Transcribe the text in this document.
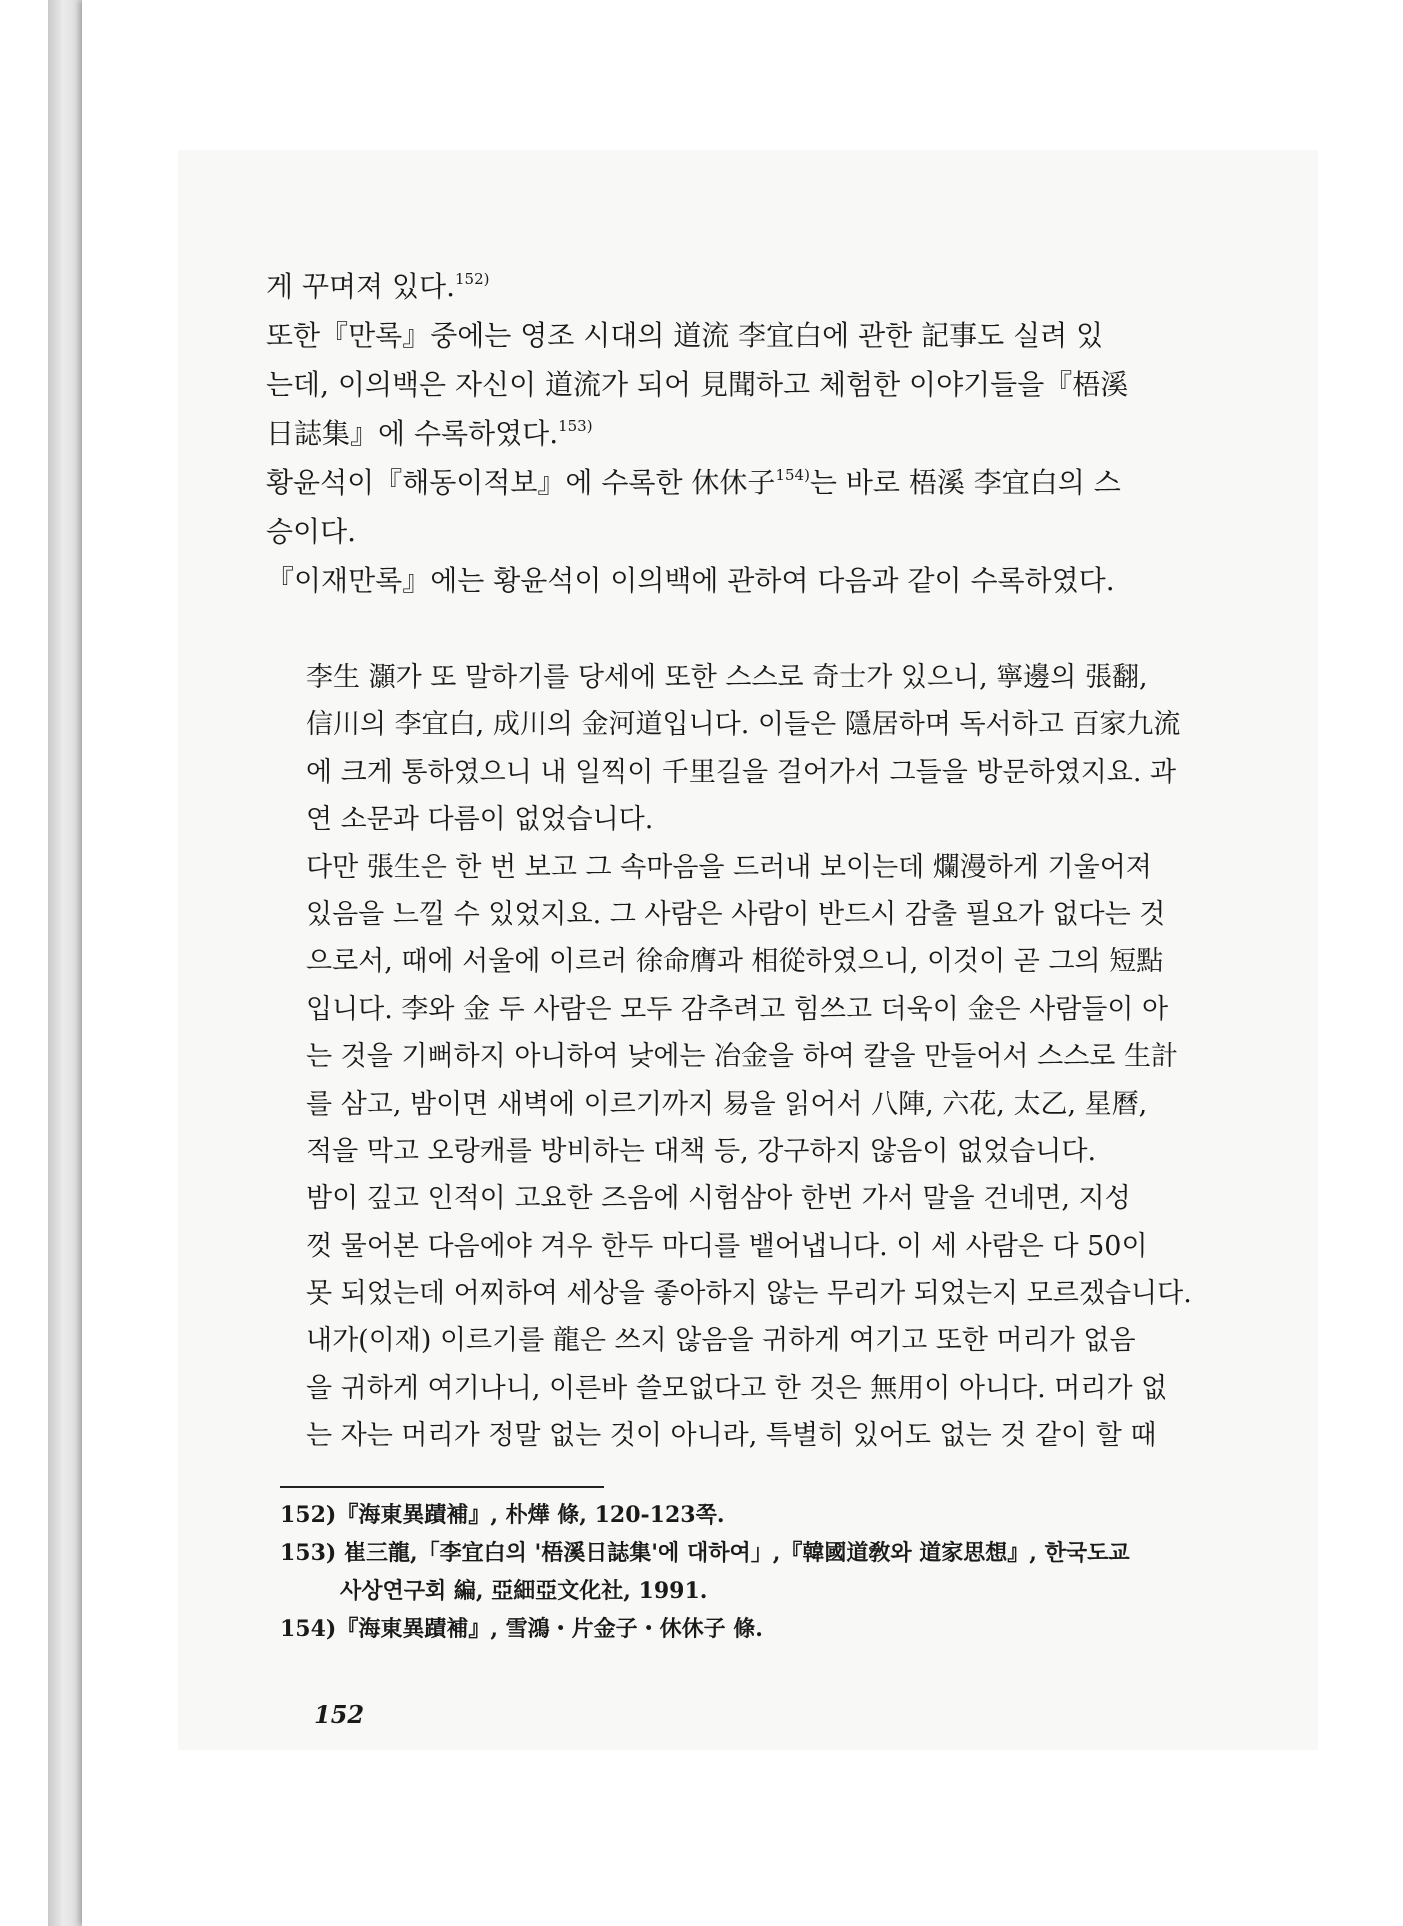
게 꾸며져 있다.$^{152)}$
또한『만록』중에는 영조 시대의 道流 李宜白에 관한 記事도 실려 있
는데, 이의백은 자신이 道流가 되어 見聞하고 체험한 이야기들을『梧溪
日誌集』에 수록하였다.$^{153)}$
황윤석이『해동이적보』에 수록한 休休子$^{154)}$는 바로 梧溪 李宜白의 스
승이다.
『이재만록』에는 황윤석이 이의백에 관하여 다음과 같이 수록하였다.
李生 灝가 또 말하기를 당세에 또한 스스로 奇士가 있으니, 寧邊의 張翻,
信川의 李宜白, 成川의 金河道입니다. 이들은 隱居하며 독서하고 百家九流
에 크게 통하였으니 내 일찍이 千里길을 걸어가서 그들을 방문하였지요. 과
연 소문과 다름이 없었습니다.
다만 張生은 한 번 보고 그 속마음을 드러내 보이는데 爛漫하게 기울어져
있음을 느낄 수 있었지요. 그 사람은 사람이 반드시 감출 필요가 없다는 것
으로서, 때에 서울에 이르러 徐命膺과 相從하였으니, 이것이 곧 그의 短點
입니다. 李와 金 두 사람은 모두 감추려고 힘쓰고 더욱이 金은 사람들이 아
는 것을 기뻐하지 아니하여 낮에는 冶金을 하여 칼을 만들어서 스스로 生計
를 삼고, 밤이면 새벽에 이르기까지 易을 읽어서 八陣, 六花, 太乙, 星曆,
적을 막고 오랑캐를 방비하는 대책 등, 강구하지 않음이 없었습니다.
밤이 깊고 인적이 고요한 즈음에 시험삼아 한번 가서 말을 건네면, 지성
껏 물어본 다음에야 겨우 한두 마디를 뱉어냅니다. 이 세 사람은 다 50이
못 되었는데 어찌하여 세상을 좋아하지 않는 무리가 되었는지 모르겠습니다.
내가(이재) 이르기를 龍은 쓰지 않음을 귀하게 여기고 또한 머리가 없음
을 귀하게 여기나니, 이른바 쓸모없다고 한 것은 無用이 아니다. 머리가 없
는 자는 머리가 정말 없는 것이 아니라, 특별히 있어도 없는 것 같이 할 때
152)『海東異蹟補』, 朴燁 條, 120-123쪽.
153) 崔三龍,「李宜白의 '梧溪日誌集'에 대하여」,『韓國道敎와 道家思想』, 한국도교
사상연구회 編, 亞細亞文化社, 1991.
154)『海東異蹟補』, 雪鴻・片金子・休休子 條.
152
